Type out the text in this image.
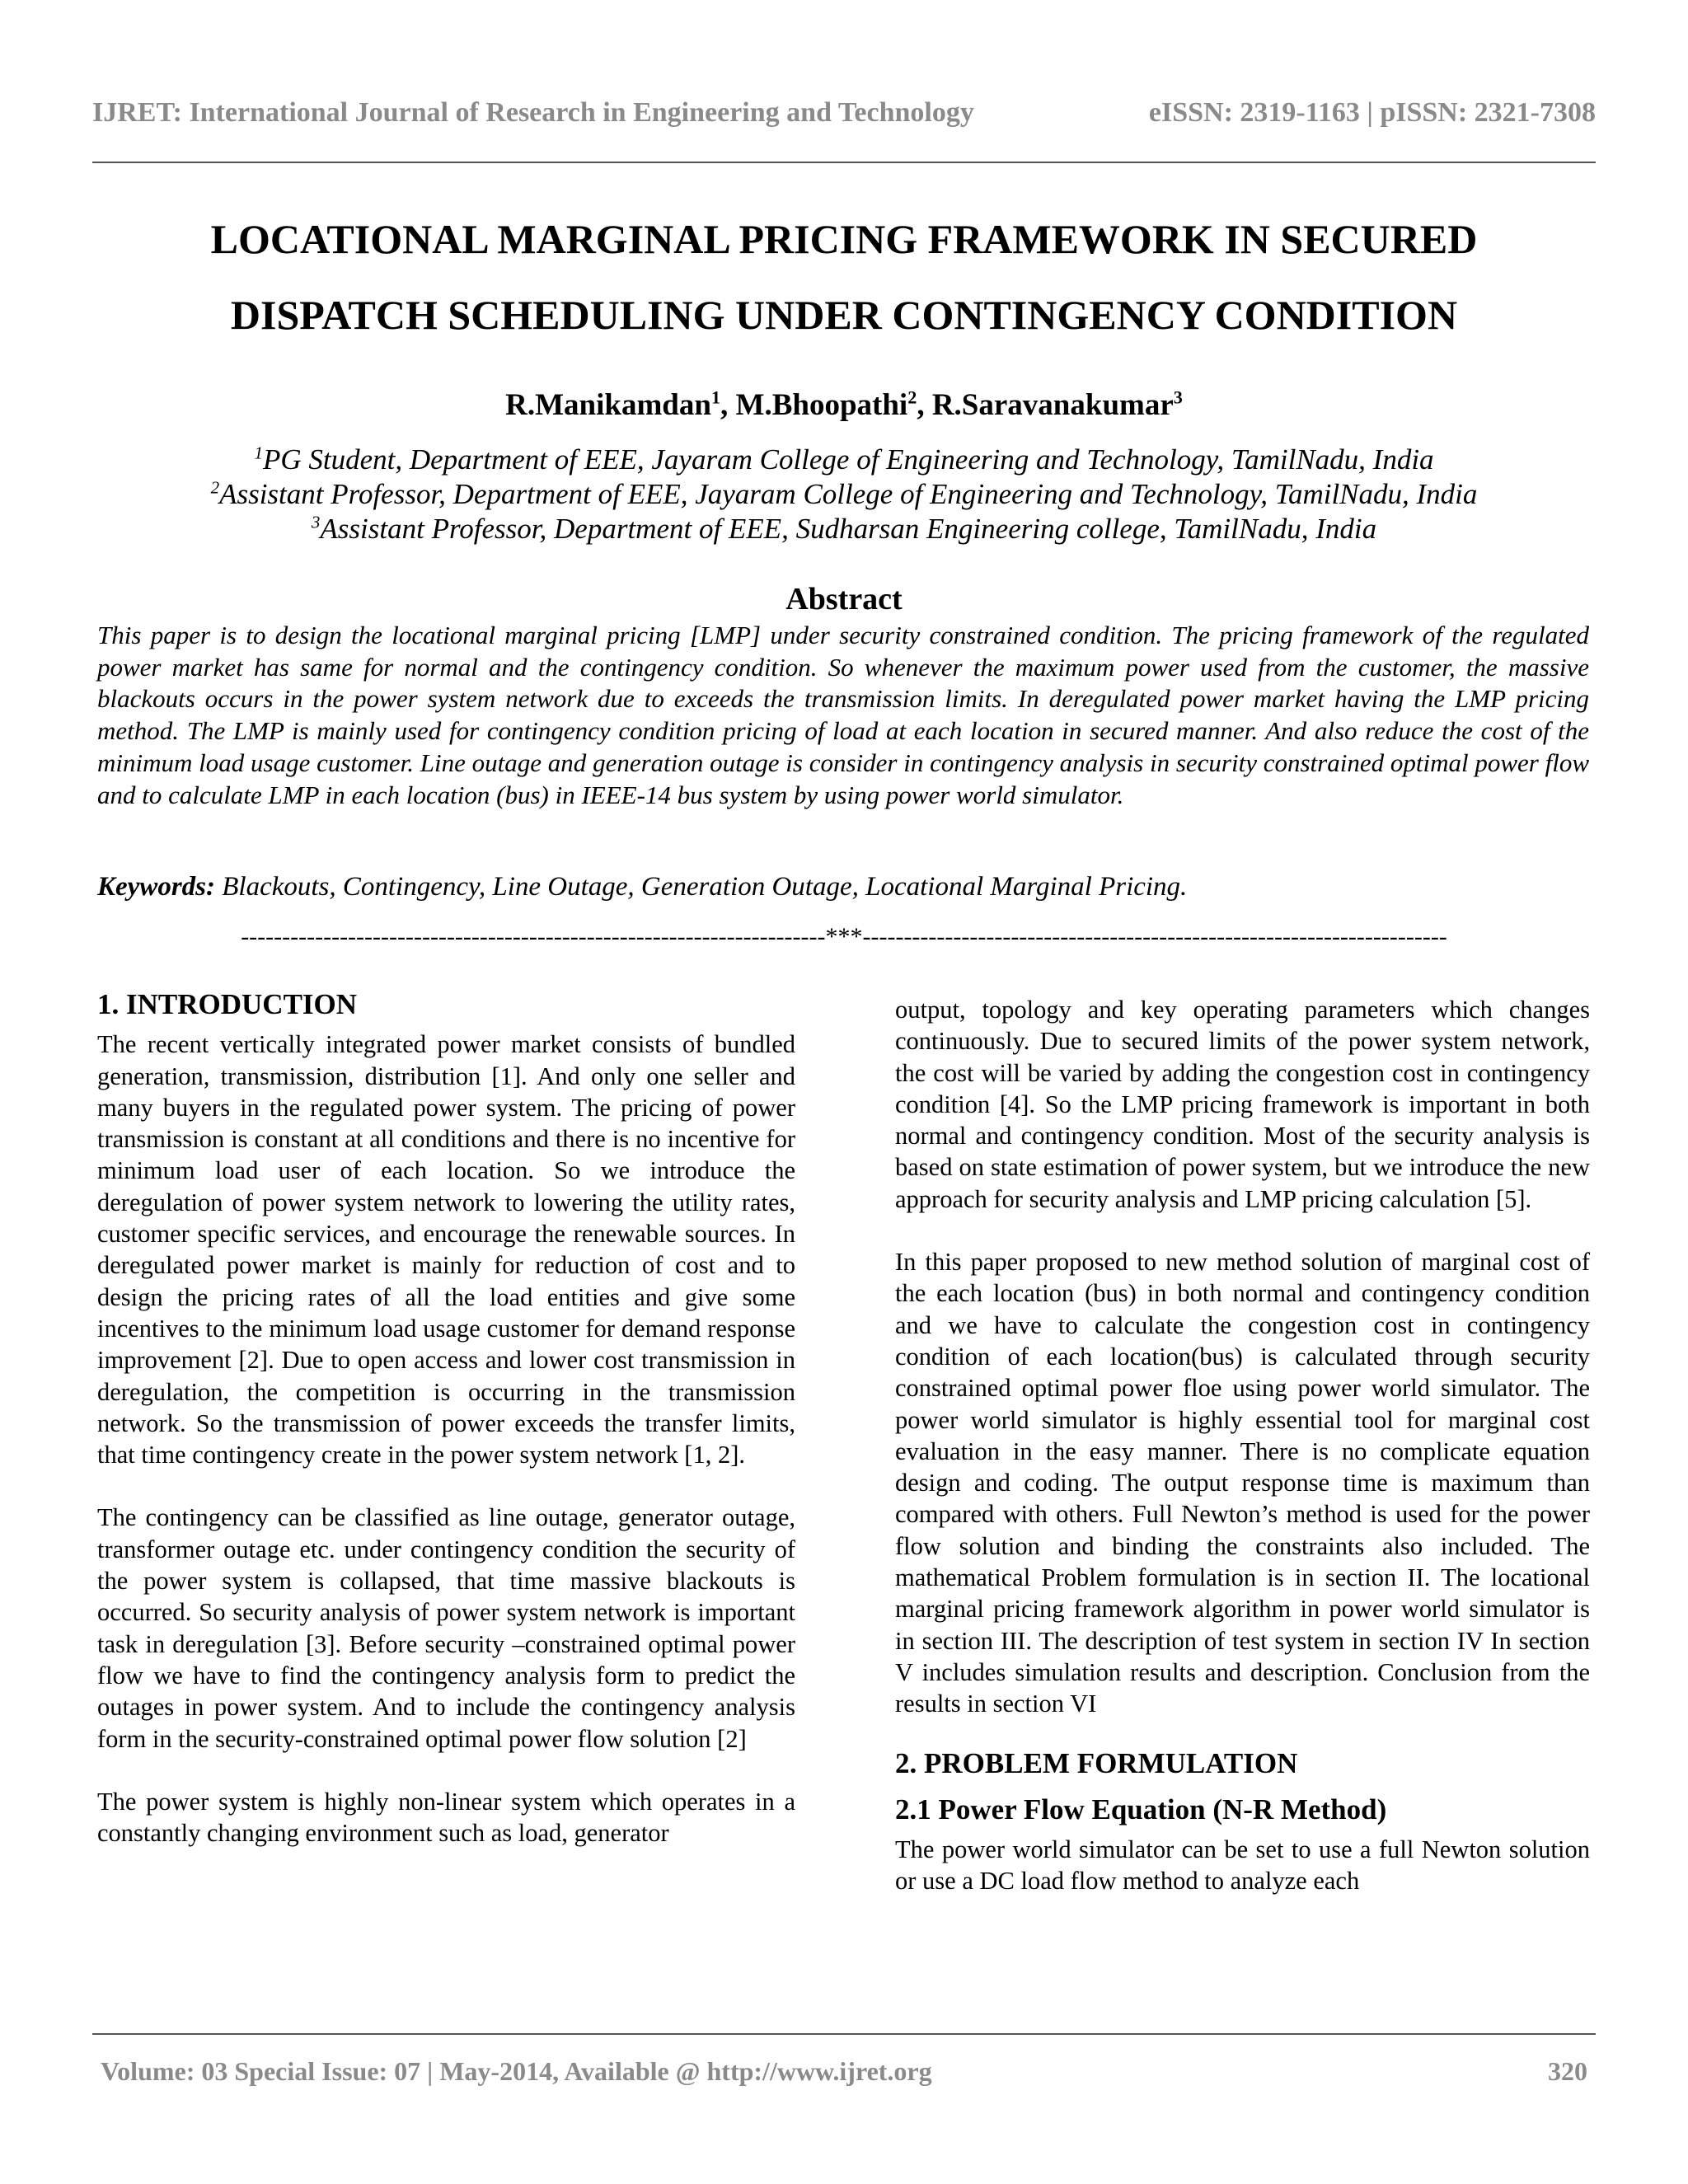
IJRET: International Journal of Research in Engineering and Technology	eISSN: 2319-1163 | pISSN: 2321-7308
LOCATIONAL MARGINAL PRICING FRAMEWORK IN SECURED
DISPATCH SCHEDULING UNDER CONTINGENCY CONDITION
R.Manikamdan$^1$, M.Bhoopathi$^2$, R.Saravanakumar$^3$
$^1$PG Student, Department of EEE, Jayaram College of Engineering and Technology, TamilNadu, India
$^2$Assistant Professor, Department of EEE, Jayaram College of Engineering and Technology, TamilNadu, India
$^3$Assistant Professor, Department of EEE, Sudharsan Engineering college, TamilNadu, India
Abstract
This paper is to design the locational marginal pricing [LMP] under security constrained condition. The pricing framework of the regulated power market has same for normal and the contingency condition. So whenever the maximum power used from the customer, the massive blackouts occurs in the power system network due to exceeds the transmission limits. In deregulated power market having the LMP pricing method. The LMP is mainly used for contingency condition pricing of load at each location in secured manner. And also reduce the cost of the minimum load usage customer. Line outage and generation outage is consider in contingency analysis in security constrained optimal power flow and to calculate LMP in each location (bus) in IEEE-14 bus system by using power world simulator.
Keywords: Blackouts, Contingency, Line Outage, Generation Outage, Locational Marginal Pricing.
-----------------------------------------------------------------------***-----------------------------------------------------------------------
1. INTRODUCTION

The recent vertically integrated power market consists of bundled generation, transmission, distribution [1]. And only one seller and many buyers in the regulated power system. The pricing of power transmission is constant at all conditions and there is no incentive for minimum load user of each location. So we introduce the deregulation of power system network to lowering the utility rates, customer specific services, and encourage the renewable sources. In deregulated power market is mainly for reduction of cost and to design the pricing rates of all the load entities and give some incentives to the minimum load usage customer for demand response improvement [2]. Due to open access and lower cost transmission in deregulation, the competition is occurring in the transmission network. So the transmission of power exceeds the transfer limits, that time contingency create in the power system network [1, 2].

The contingency can be classified as line outage, generator outage, transformer outage etc. under contingency condition the security of the power system is collapsed, that time massive blackouts is occurred. So security analysis of power system network is important task in deregulation [3]. Before security –constrained optimal power flow we have to find the contingency analysis form to predict the outages in power system. And to include the contingency analysis form in the security-constrained optimal power flow solution [2]

The power system is highly non-linear system which operates in a constantly changing environment such as load, generator

output, topology and key operating parameters which changes continuously. Due to secured limits of the power system network, the cost will be varied by adding the congestion cost in contingency condition [4]. So the LMP pricing framework is important in both normal and contingency condition. Most of the security analysis is based on state estimation of power system, but we introduce the new approach for security analysis and LMP pricing calculation [5].

In this paper proposed to new method solution of marginal cost of the each location (bus) in both normal and contingency condition and we have to calculate the congestion cost in contingency condition of each location(bus) is calculated through security constrained optimal power floe using power world simulator. The power world simulator is highly essential tool for marginal cost evaluation in the easy manner. There is no complicate equation design and coding. The output response time is maximum than compared with others. Full Newton’s method is used for the power flow solution and binding the constraints also included. The mathematical Problem formulation is in section II. The locational marginal pricing framework algorithm in power world simulator is in section III. The description of test system in section IV In section V includes simulation results and description. Conclusion from the results in section VI

2. PROBLEM FORMULATION
2.1 Power Flow Equation (N-R Method)

The power world simulator can be set to use a full Newton solution or use a DC load flow method to analyze each

Volume: 03 Special Issue: 07 | May-2014, Available @ http://www.ijret.org	320
